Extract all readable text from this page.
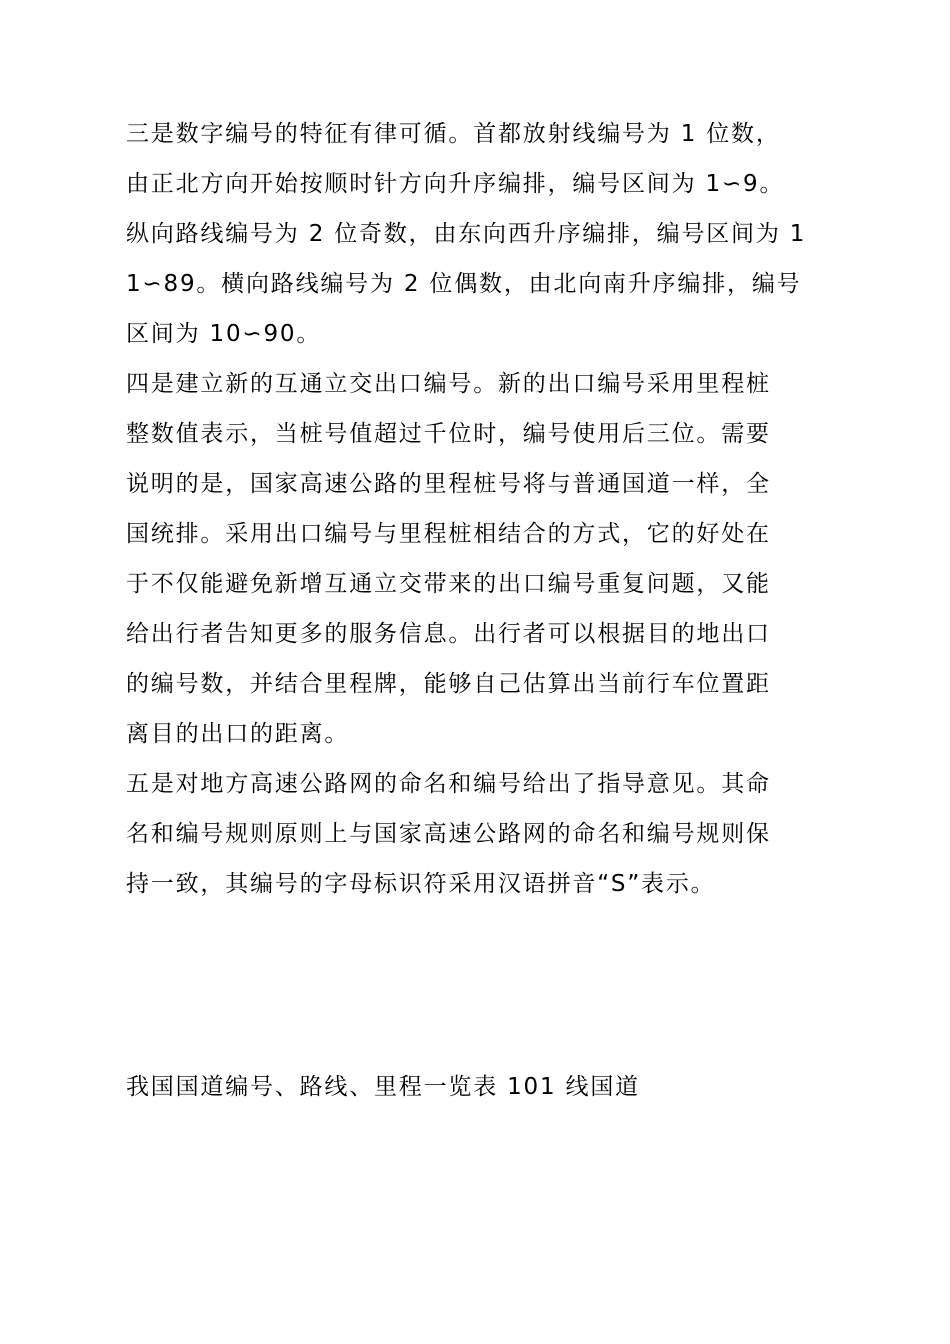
三是数字编号的特征有律可循。首都放射线编号为 1 位数，
由正北方向开始按顺时针方向升序编排，编号区间为 1∽9。
纵向路线编号为 2 位奇数，由东向西升序编排，编号区间为 1
1∽89。横向路线编号为 2 位偶数，由北向南升序编排，编号
区间为 10∽90。
四是建立新的互通立交出口编号。新的出口编号采用里程桩
整数值表示，当桩号值超过千位时，编号使用后三位。需要
说明的是，国家高速公路的里程桩号将与普通国道一样，全
国统排。采用出口编号与里程桩相结合的方式，它的好处在
于不仅能避免新增互通立交带来的出口编号重复问题，又能
给出行者告知更多的服务信息。出行者可以根据目的地出口
的编号数，并结合里程牌，能够自己估算出当前行车位置距
离目的出口的距离。
五是对地方高速公路网的命名和编号给出了指导意见。其命
名和编号规则原则上与国家高速公路网的命名和编号规则保
持一致，其编号的字母标识符采用汉语拼音“S”表示。
我国国道编号、路线、里程一览表 101 线国道
